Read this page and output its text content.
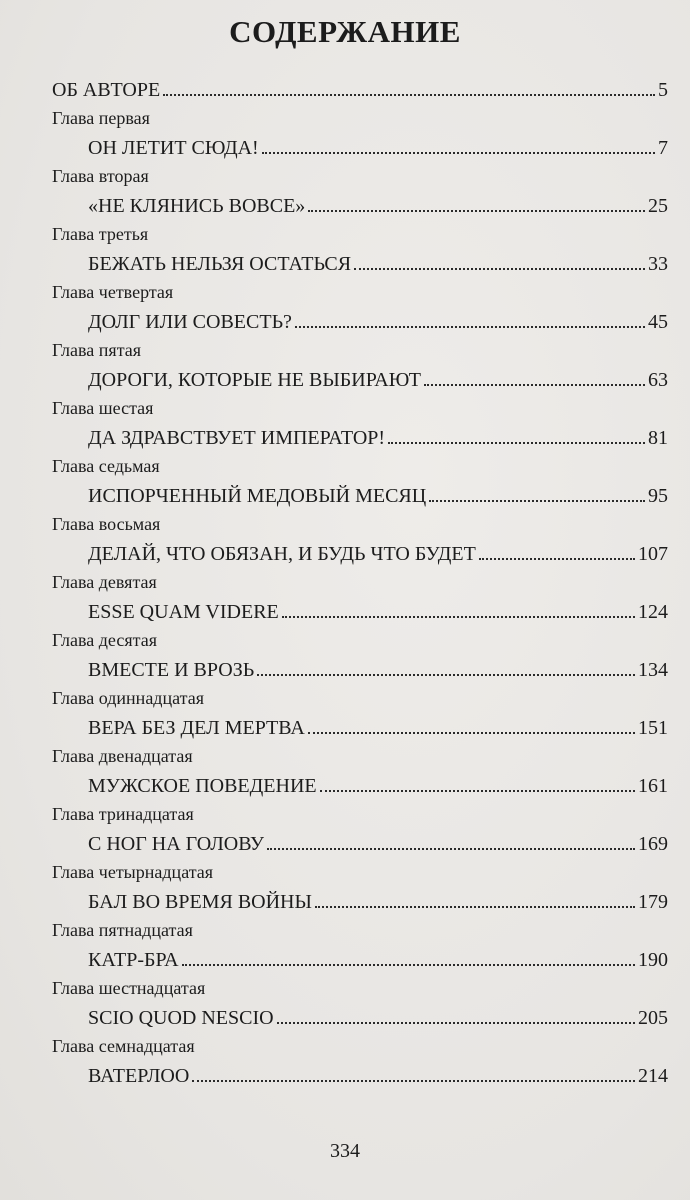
СОДЕРЖАНИЕ
ОБ АВТОРЕ	5
Глава первая
ОН ЛЕТИТ СЮДА!	7
Глава вторая
«НЕ КЛЯНИСЬ ВОВСЕ»	25
Глава третья
БЕЖАТЬ НЕЛЬЗЯ ОСТАТЬСЯ	33
Глава четвертая
ДОЛГ ИЛИ СОВЕСТЬ?	45
Глава пятая
ДОРОГИ, КОТОРЫЕ НЕ ВЫБИРАЮТ	63
Глава шестая
ДА ЗДРАВСТВУЕТ ИМПЕРАТОР!	81
Глава седьмая
ИСПОРЧЕННЫЙ МЕДОВЫЙ МЕСЯЦ	95
Глава восьмая
ДЕЛАЙ, ЧТО ОБЯЗАН, И БУДЬ ЧТО БУДЕТ	107
Глава девятая
ESSE QUAM VIDERE	124
Глава десятая
ВМЕСТЕ И ВРОЗЬ	134
Глава одиннадцатая
ВЕРА БЕЗ ДЕЛ МЕРТВА	151
Глава двенадцатая
МУЖСКОЕ ПОВЕДЕНИЕ	161
Глава тринадцатая
С НОГ НА ГОЛОВУ	169
Глава четырнадцатая
БАЛ ВО ВРЕМЯ ВОЙНЫ	179
Глава пятнадцатая
КАТР-БРА	190
Глава шестнадцатая
SCIO QUOD NESCIO	205
Глава семнадцатая
ВАТЕРЛОО	214
334
